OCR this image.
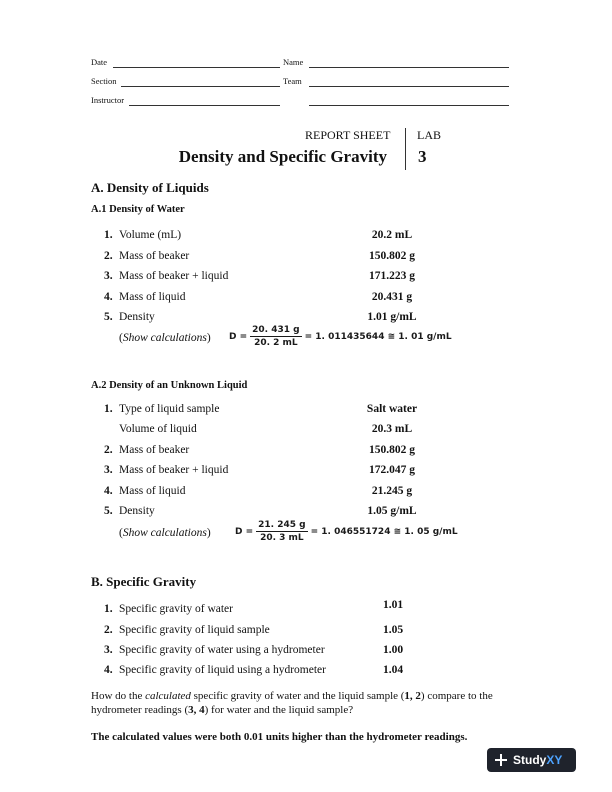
Date	Name
Section	Team
Instructor
REPORT SHEET LAB
3
Density and Specific Gravity
A. Density of Liquids
A.1 Density of Water
1. Volume (mL)	20.2 mL
2. Mass of beaker	150.802 g
3. Mass of beaker + liquid	171.223 g
4. Mass of liquid	20.431 g
5. Density	1.01 g/mL
(Show calculations) $D = \frac{20. 431 g}{20. 2 mL} = 1$. 011435644 ≅ 1. 01 g/mL
A.2 Density of an Unknown Liquid
1. Type of liquid sample	Salt water
Volume of liquid	20.3 mL
2. Mass of beaker	150.802 g
3. Mass of beaker + liquid	172.047 g
4. Mass of liquid	21.245 g
5. Density	1.05 g/mL
(Show calculations)	$D = \frac{21. 245 g}{20. 3 mL} = 1$. 046551724 ≅ 1. 05 g/mL
B. Specific Gravity
1. Specific gravity of water	1.01
2. Specific gravity of liquid sample	1.05
3. Specific gravity of water using a hydrometer	1.00
4. Specific gravity of liquid using a hydrometer	1.04
How do the calculated specific gravity of water and the liquid sample (1, 2) compare to the hydrometer readings (3, 4) for water and the liquid sample?
The calculated values were both 0.01 units higher than the hydrometer readings.
Study XY
